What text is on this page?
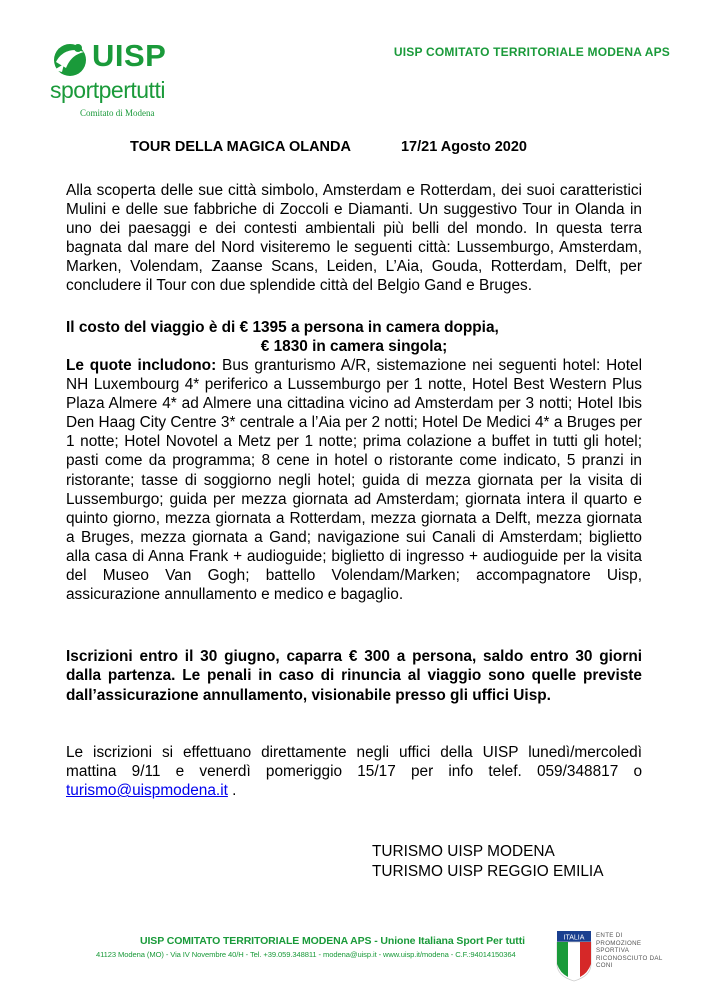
UISP
sportpertutti
Comitato di Modena
UISP COMITATO TERRITORIALE MODENA APS
TOUR DELLA MAGICA OLANDA	17/21 Agosto 2020
Alla scoperta delle sue città simbolo, Amsterdam e Rotterdam, dei suoi caratteristici Mulini e delle sue fabbriche di Zoccoli e Diamanti. Un suggestivo Tour in Olanda in uno dei paesaggi e dei contesti ambientali più belli del mondo. In questa terra bagnata dal mare del Nord visiteremo le seguenti città: Lussemburgo, Amsterdam, Marken, Volendam, Zaanse Scans, Leiden, L’Aia, Gouda, Rotterdam, Delft, per concludere il Tour con due splendide città del Belgio Gand e Bruges.
Il costo del viaggio è di € 1395 a persona in camera doppia,
€ 1830 in camera singola;
Le quote includono: Bus granturismo A/R, sistemazione nei seguenti hotel: Hotel NH Luxembourg 4* periferico a Lussemburgo per 1 notte, Hotel Best Western Plus Plaza Almere 4* ad Almere una cittadina vicino ad Amsterdam per 3 notti; Hotel Ibis Den Haag City Centre 3* centrale a l’Aia per 2 notti; Hotel De Medici 4* a Bruges per 1 notte; Hotel Novotel a Metz per 1 notte; prima colazione a buffet in tutti gli hotel; pasti come da programma; 8 cene in hotel o ristorante come indicato, 5 pranzi in ristorante; tasse di soggiorno negli hotel; guida di mezza giornata per la visita di Lussemburgo; guida per mezza giornata ad Amsterdam; giornata intera il quarto e quinto giorno, mezza giornata a Rotterdam, mezza giornata a Delft, mezza giornata a Bruges, mezza giornata a Gand; navigazione sui Canali di Amsterdam; biglietto alla casa di Anna Frank + audioguide; biglietto di ingresso + audioguide per la visita del Museo Van Gogh; battello Volendam/Marken; accompagnatore Uisp, assicurazione annullamento e medico e bagaglio.
Iscrizioni entro il 30 giugno, caparra € 300 a persona, saldo entro 30 giorni dalla partenza. Le penali in caso di rinuncia al viaggio sono quelle previste dall’assicurazione annullamento, visionabile presso gli uffici Uisp.
Le iscrizioni si effettuano direttamente negli uffici della UISP lunedì/mercoledì mattina 9/11 e venerdì pomeriggio 15/17 per info telef. 059/348817 o turismo@uispmodena.it .
TURISMO UISP MODENA
TURISMO UISP REGGIO EMILIA
UISP COMITATO TERRITORIALE MODENA APS - Unione Italiana Sport Per tutti
41123 Modena (MO) - Via IV Novembre 40/H - Tel. +39.059.348811 - modena@uisp.it - www.uisp.it/modena - C.F.:94014150364
ITALIA ENTE DI PROMOZIONE SPORTIVA RICONOSCIUTO DAL CONI
